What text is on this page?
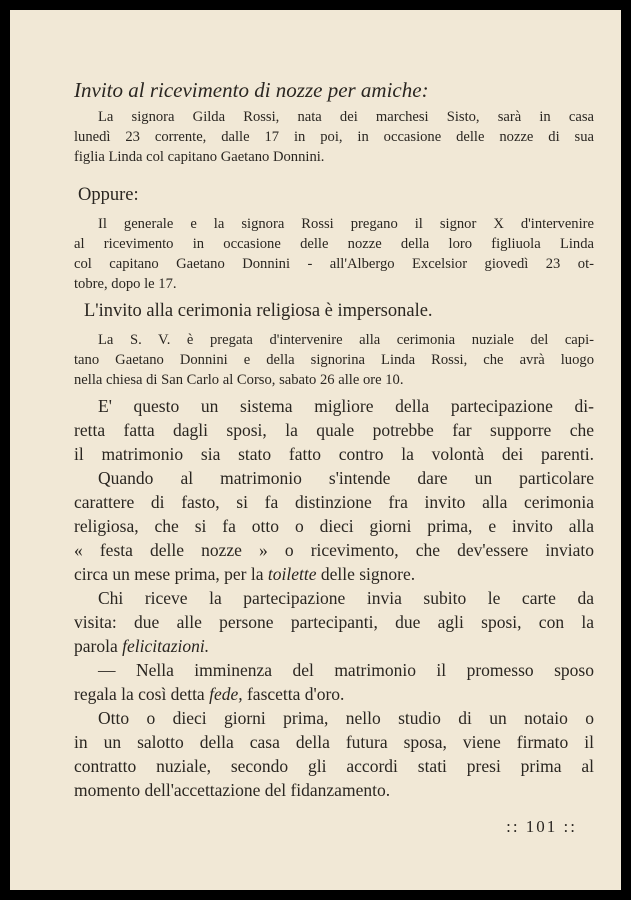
Invito al ricevimento di nozze per amiche:
La signora Gilda Rossi, nata dei marchesi Sisto, sarà in casa
lunedì 23 corrente, dalle 17 in poi, in occasione delle nozze di sua
figlia Linda col capitano Gaetano Donnini.
Oppure:
Il generale e la signora Rossi pregano il signor X d'intervenire
al ricevimento in occasione delle nozze della loro figliuola Linda
col capitano Gaetano Donnini - all'Albergo Excelsior giovedì 23 ot-
tobre, dopo le 17.
L'invito alla cerimonia religiosa è impersonale.
La S. V. è pregata d'intervenire alla cerimonia nuziale del capi-
tano Gaetano Donnini e della signorina Linda Rossi, che avrà luogo
nella chiesa di San Carlo al Corso, sabato 26 alle ore 10.
E' questo un sistema migliore della partecipazione di-
retta fatta dagli sposi, la quale potrebbe far supporre che
il matrimonio sia stato fatto contro la volontà dei parenti.
Quando al matrimonio s'intende dare un particolare
carattere di fasto, si fa distinzione fra invito alla cerimonia
religiosa, che si fa otto o dieci giorni prima, e invito alla
« festa delle nozze » o ricevimento, che dev'essere inviato
circa un mese prima, per la toilette delle signore.
Chi riceve la partecipazione invia subito le carte da
visita: due alle persone partecipanti, due agli sposi, con la
parola felicitazioni.
— Nella imminenza del matrimonio il promesso sposo
regala la così detta fede, fascetta d'oro.
Otto o dieci giorni prima, nello studio di un notaio o
in un salotto della casa della futura sposa, viene firmato il
contratto nuziale, secondo gli accordi stati presi prima al
momento dell'accettazione del fidanzamento.
:: 101 ::
